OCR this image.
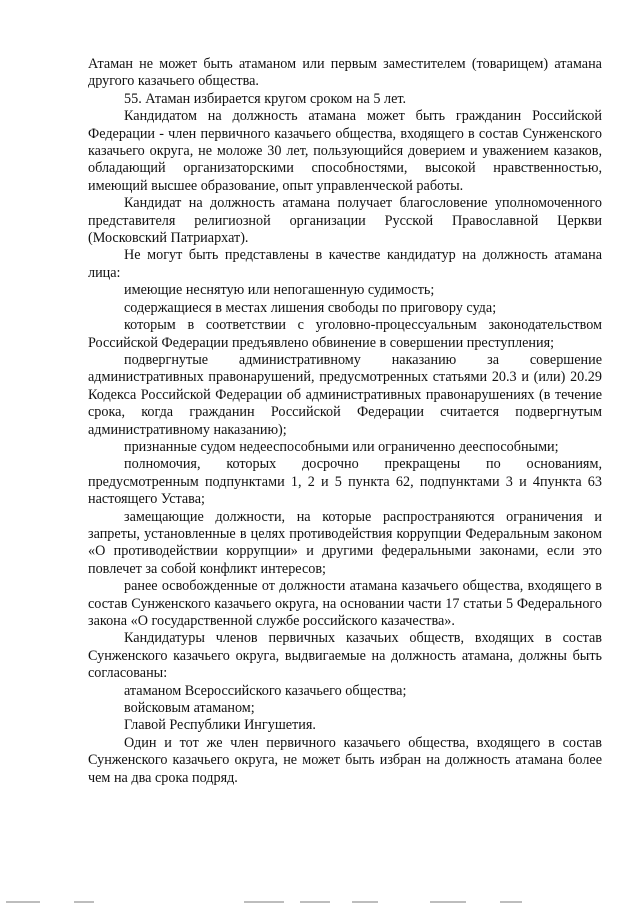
Атаман не может быть атаманом или первым заместителем (товарищем) атамана другого казачьего общества.

55. Атаман избирается кругом сроком на 5 лет.

Кандидатом на должность атамана может быть гражданин Российской Федерации - член первичного казачьего общества, входящего в состав Сунженского казачьего округа, не моложе 30 лет, пользующийся доверием и уважением казаков, обладающий организаторскими способностями, высокой нравственностью, имеющий высшее образование, опыт управленческой работы.

Кандидат на должность атамана получает благословение уполномоченного представителя религиозной организации Русской Православной Церкви (Московский Патриархат).

Не могут быть представлены в качестве кандидатур на должность атамана лица:

имеющие неснятую или непогашенную судимость;

содержащиеся в местах лишения свободы по приговору суда;

которым в соответствии с уголовно-процессуальным законодательством Российской Федерации предъявлено обвинение в совершении преступления;

подвергнутые административному наказанию за совершение административных правонарушений, предусмотренных статьями 20.3 и (или) 20.29 Кодекса Российской Федерации об административных правонарушениях (в течение срока, когда гражданин Российской Федерации считается подвергнутым административному наказанию);

признанные судом недееспособными или ограниченно дееспособными;

полномочия, которых досрочно прекращены по основаниям, предусмотренным подпунктами 1, 2 и 5 пункта 62, подпунктами 3 и 4пункта 63 настоящего Устава;

замещающие должности, на которые распространяются ограничения и запреты, установленные в целях противодействия коррупции Федеральным законом «О противодействии коррупции» и другими федеральными законами, если это повлечет за собой конфликт интересов;

ранее освобожденные от должности атамана казачьего общества, входящего в состав Сунженского казачьего округа, на основании части 17 статьи 5 Федерального закона «О государственной службе российского казачества».

Кандидатуры членов первичных казачьих обществ, входящих в состав Сунженского казачьего округа, выдвигаемые на должность атамана, должны быть согласованы:

атаманом Всероссийского казачьего общества;

войсковым атаманом;

Главой Республики Ингушетия.

Один и тот же член первичного казачьего общества, входящего в состав Сунженского казачьего округа, не может быть избран на должность атамана более чем на два срока подряд.
